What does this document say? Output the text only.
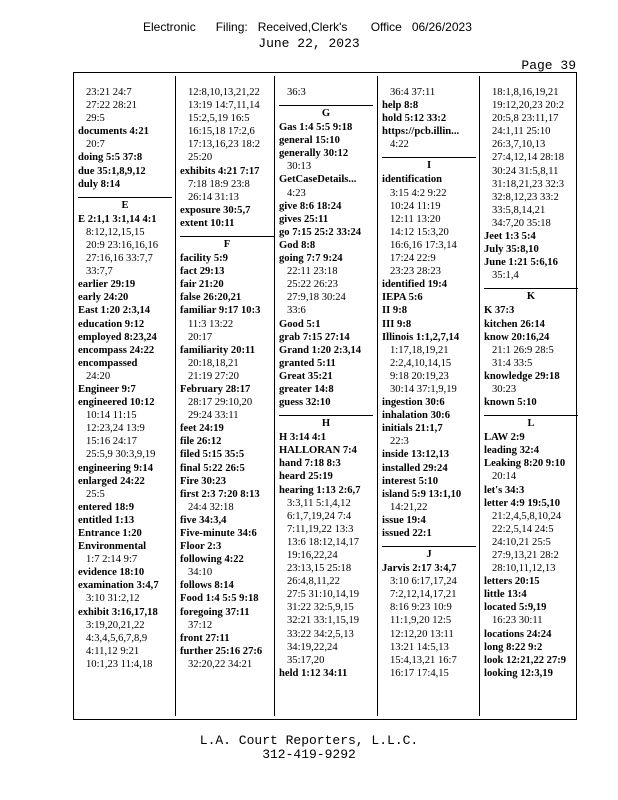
Electronic      Filing:   Received,Clerk's       Office   06/26/2023
June 22, 2023
Page 39
23:21 24:7
27:22 28:21
29:5
documents 4:21
20:7
doing 5:5 37:8
due 35:1,8,9,12
duly 8:14
E
E 2:1,1 3:1,14 4:1
8:12,12,15,15
20:9 23:16,16,16
27:16,16 33:7,7
33:7,7
earlier 29:19
early 24:20
East 1:20 2:3,14
education 9:12
employed 8:23,24
encompass 24:22
encompassed
24:20
Engineer 9:7
engineered 10:12
10:14 11:15
12:23,24 13:9
15:16 24:17
25:5,9 30:3,9,19
engineering 9:14
enlarged 24:22
25:5
entered 18:9
entitled 1:13
Entrance 1:20
Environmental
1:7 2:14 9:7
evidence 18:10
examination 3:4,7
3:10 31:2,12
exhibit 3:16,17,18
3:19,20,21,22
4:3,4,5,6,7,8,9
4:11,12 9:21
10:1,23 11:4,18
12:8,10,13,21,22
13:19 14:7,11,14
15:2,5,19 16:5
16:15,18 17:2,6
17:13,16,23 18:2
25:20
exhibits 4:21 7:17
7:18 18:9 23:8
26:14 31:13
exposure 30:5,7
extent 10:11
F
facility 5:9
fact 29:13
fair 21:20
false 26:20,21
familiar 9:17 10:3
11:3 13:22
20:17
familiarity 20:11
20:18,18,21
21:19 27:20
February 28:17
28:17 29:10,20
29:24 33:11
feet 24:19
file 26:12
filed 5:15 35:5
final 5:22 26:5
Fire 30:23
first 2:3 7:20 8:13
24:4 32:18
five 34:3,4
Five-minute 34:6
Floor 2:3
following 4:22
34:10
follows 8:14
Food 1:4 5:5 9:18
foregoing 37:11
37:12
front 27:11
further 25:16 27:6
32:20,22 34:21
36:3
G
Gas 1:4 5:5 9:18
general 15:10
generally 30:12
30:13
GetCaseDetails...
4:23
give 8:6 18:24
gives 25:11
go 7:15 25:2 33:24
God 8:8
going 7:7 9:24
22:11 23:18
25:22 26:23
27:9,18 30:24
33:6
Good 5:1
grab 7:15 27:14
Grand 1:20 2:3,14
granted 5:11
Great 35:21
greater 14:8
guess 32:10
H
H 3:14 4:1
HALLORAN 7:4
hand 7:18 8:3
heard 25:19
hearing 1:13 2:6,7
3:3,11 5:1,4,12
6:1,7,19,24 7:4
7:11,19,22 13:3
13:6 18:12,14,17
19:16,22,24
23:13,15 25:18
26:4,8,11,22
27:5 31:10,14,19
31:22 32:5,9,15
32:21 33:1,15,19
33:22 34:2,5,13
34:19,22,24
35:17,20
held 1:12 34:11
36:4 37:11
help 8:8
hold 5:12 33:2
https://pcb.illin...
4:22
I
identification
3:15 4:2 9:22
10:24 11:19
12:11 13:20
14:12 15:3,20
16:6,16 17:3,14
17:24 22:9
23:23 28:23
identified 19:4
IEPA 5:6
II 9:8
III 9:8
Illinois 1:1,2,7,14
1:17,18,19,21
2:2,4,10,14,15
9:18 20:19,23
30:14 37:1,9,19
ingestion 30:6
inhalation 30:6
initials 21:1,7
22:3
inside 13:12,13
installed 29:24
interest 5:10
island 5:9 13:1,10
14:21,22
issue 19:4
issued 22:1
J
Jarvis 2:17 3:4,7
3:10 6:17,17,24
7:2,12,14,17,21
8:16 9:23 10:9
11:1,9,20 12:5
12:12,20 13:11
13:21 14:5,13
15:4,13,21 16:7
16:17 17:4,15
18:1,8,16,19,21
19:12,20,23 20:2
20:5,8 23:11,17
24:1,11 25:10
26:3,7,10,13
27:4,12,14 28:18
30:24 31:5,8,11
31:18,21,23 32:3
32:8,12,23 33:2
33:5,8,14,21
34:7,20 35:18
Jeet 1:3 5:4
July 35:8,10
June 1:21 5:6,16
35:1,4
K
K 37:3
kitchen 26:14
know 20:16,24
21:1 26:9 28:5
31:4 33:5
knowledge 29:18
30:23
known 5:10
L
LAW 2:9
leading 32:4
Leaking 8:20 9:10
20:14
let's 34:3
letter 4:9 19:5,10
21:2,4,5,8,10,24
22:2,5,14 24:5
24:10,21 25:5
27:9,13,21 28:2
28:10,11,12,13
letters 20:15
little 13:4
located 5:9,19
16:23 30:11
locations 24:24
long 8:22 9:2
look 12:21,22 27:9
looking 12:3,19
L.A. Court Reporters, L.L.C.
312-419-9292
